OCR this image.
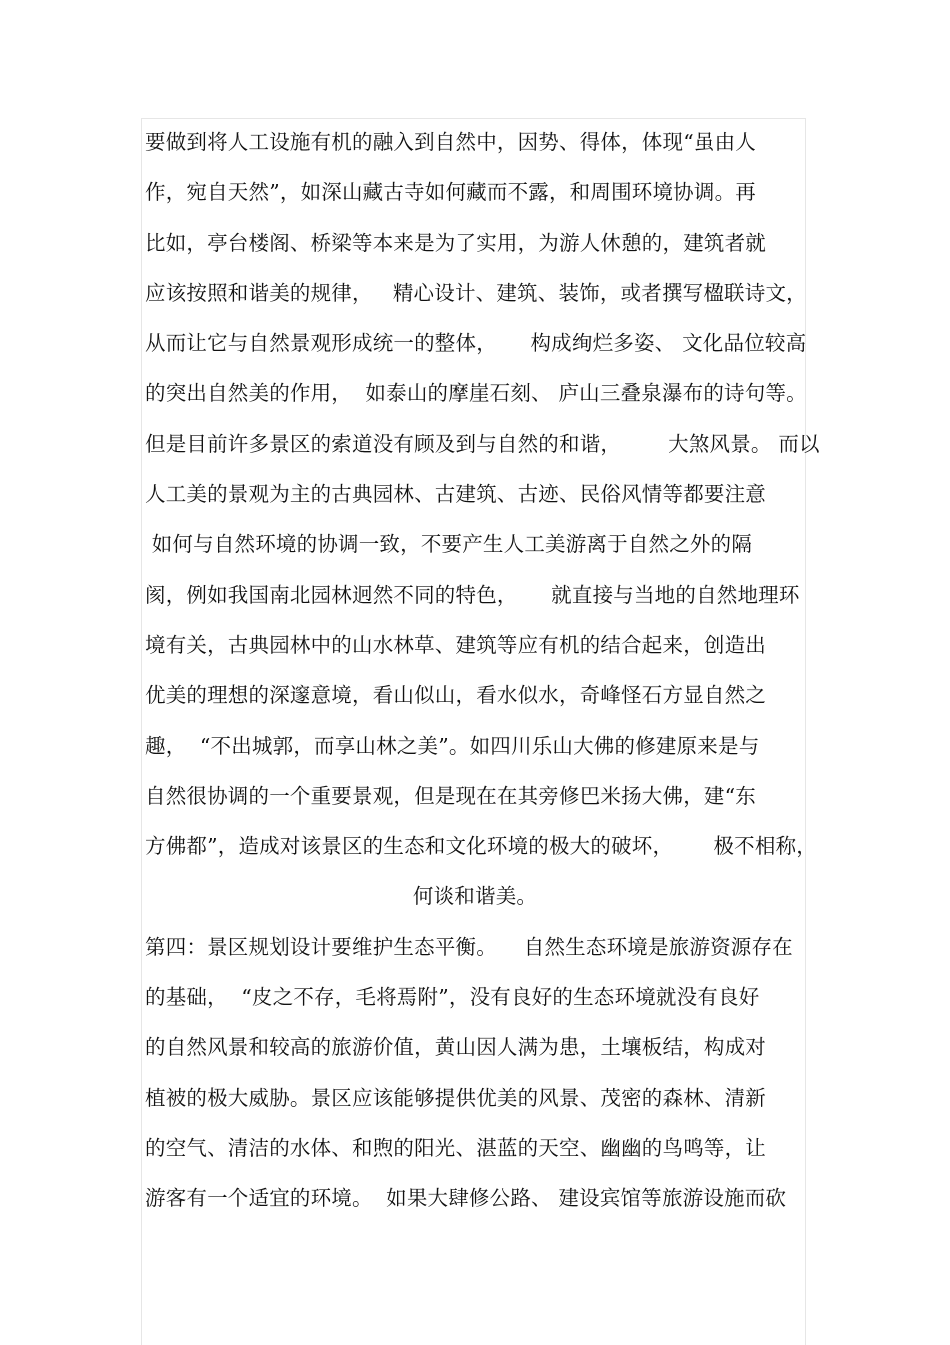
要做到将人工设施有机的融入到自然中，因势、得体，体现“虽由人
作，宛自天然”，如深山藏古寺如何藏而不露，和周围环境协调。再
比如，亭台楼阁、桥梁等本来是为了实用，为游人休憩的，建筑者就
应该按照和谐美的规律，   精心设计、建筑、装饰，或者撰写楹联诗文，
从而让它与自然景观形成统一的整体，     构成绚烂多姿、 文化品位较高
的突出自然美的作用，  如泰山的摩崖石刻、 庐山三叠泉瀑布的诗句等。
但是目前许多景区的索道没有顾及到与自然的和谐，       大煞风景。 而以
人工美的景观为主的古典园林、古建筑、古迹、民俗风情等都要注意
如何与自然环境的协调一致，不要产生人工美游离于自然之外的隔
阂，例如我国南北园林迥然不同的特色，     就直接与当地的自然地理环
境有关，古典园林中的山水林草、建筑等应有机的结合起来，创造出
优美的理想的深邃意境，看山似山，看水似水，奇峰怪石方显自然之
趣，  “不出城郭，而享山林之美”。如四川乐山大佛的修建原来是与
自然很协调的一个重要景观，但是现在在其旁修巴米扬大佛，建“东
方佛都”，造成对该景区的生态和文化环境的极大的破坏，      极不相称，
何谈和谐美。
第四：景区规划设计要维护生态平衡。    自然生态环境是旅游资源存在
的基础，  “皮之不存，毛将焉附”，没有良好的生态环境就没有良好
的自然风景和较高的旅游价值，黄山因人满为患，土壤板结，构成对
植被的极大威胁。景区应该能够提供优美的风景、茂密的森林、清新
的空气、清洁的水体、和煦的阳光、湛蓝的天空、幽幽的鸟鸣等，让
游客有一个适宜的环境。  如果大肆修公路、 建设宾馆等旅游设施而砍
